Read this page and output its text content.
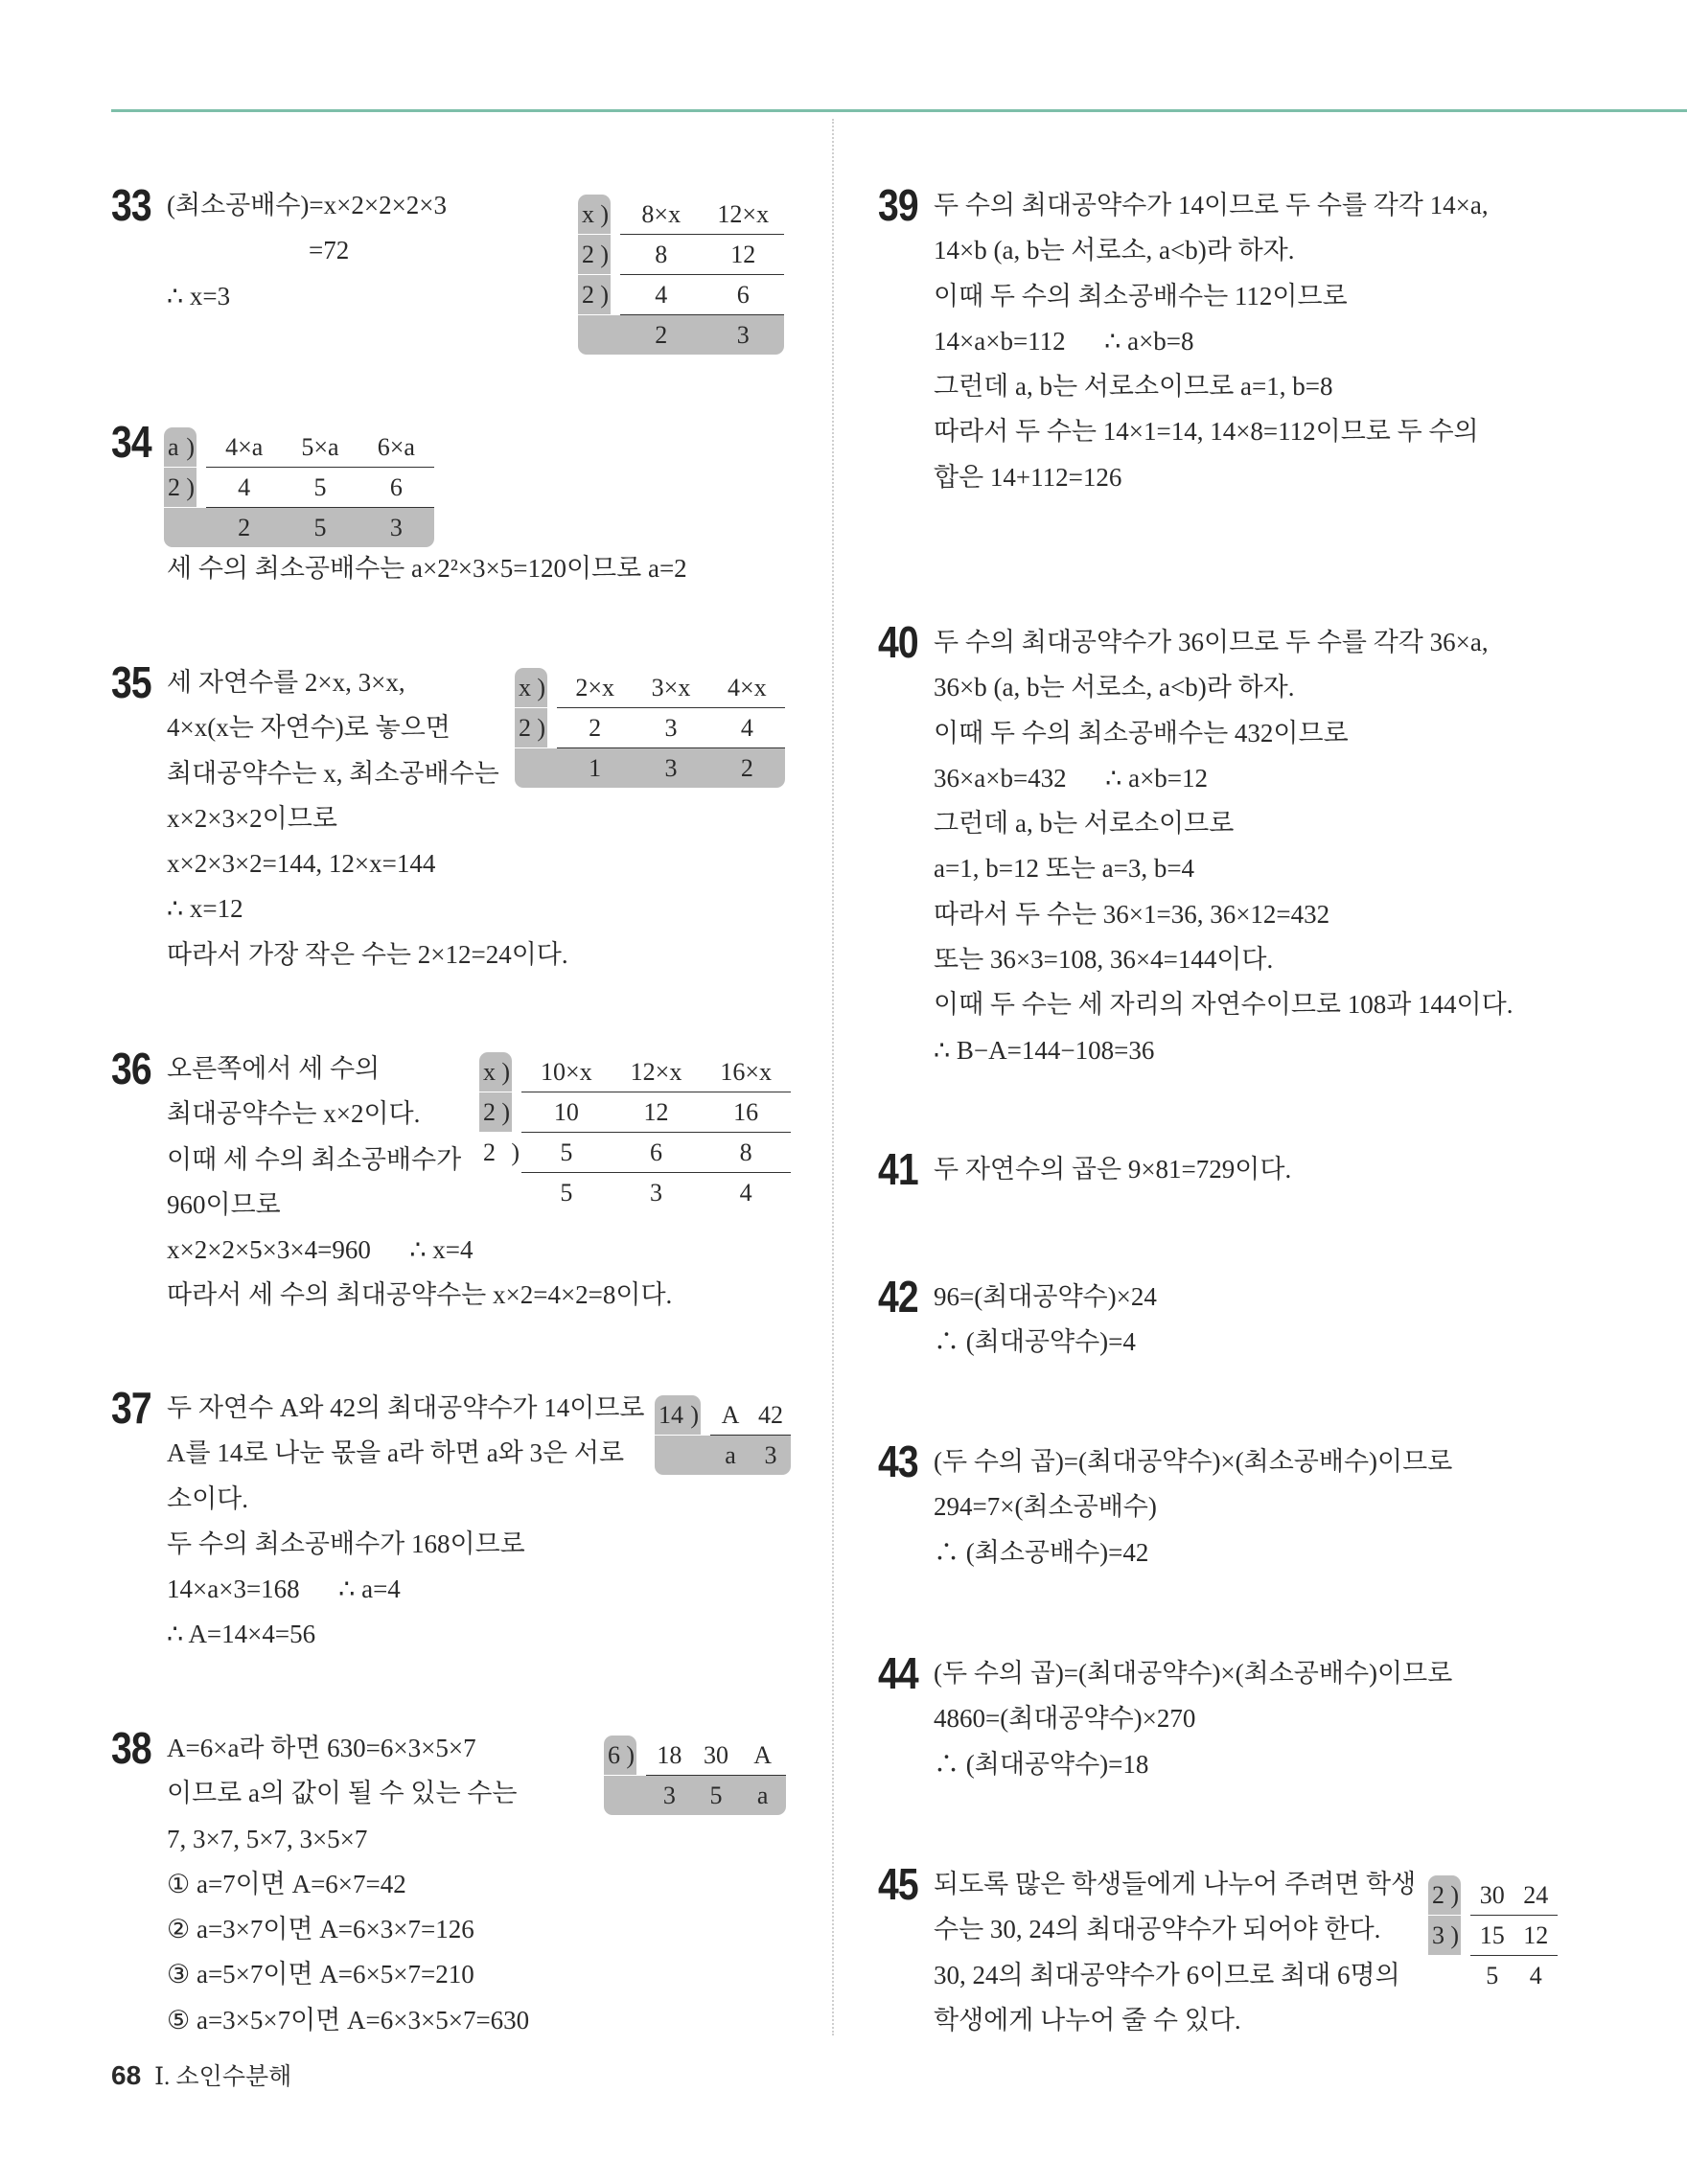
33 (최소공배수)=x×2×2×2×3
=72
∴ x=3
34
세 수의 최소공배수는 a×2²×3×5=120이므로 a=2
35 세 자연수를 2×x, 3×x,
4×x(x는 자연수)로 놓으면
최대공약수는 x, 최소공배수는
x×2×3×2이므로
x×2×3×2=144, 12×x=144
∴ x=12
따라서 가장 작은 수는 2×12=24이다.
36 오른쪽에서 세 수의
최대공약수는 x×2이다.
이때 세 수의 최소공배수가
960이므로
x×2×2×5×3×4=960      ∴ x=4
따라서 세 수의 최대공약수는 x×2=4×2=8이다.
37 두 자연수 A와 42의 최대공약수가 14이므로
A를 14로 나눈 몫을 a라 하면 a와 3은 서로
소이다.
두 수의 최소공배수가 168이므로
14×a×3=168      ∴ a=4
∴ A=14×4=56
38 A=6×a라 하면 630=6×3×5×7
이므로 a의 값이 될 수 있는 수는
7, 3×7, 5×7, 3×5×7
① a=7이면 A=6×7=42
② a=3×7이면 A=6×3×7=126
③ a=5×7이면 A=6×5×7=210
⑤ a=3×5×7이면 A=6×3×5×7=630
39 두 수의 최대공약수가 14이므로 두 수를 각각 14×a,
14×b (a, b는 서로소, a<b)라 하자.
이때 두 수의 최소공배수는 112이므로
14×a×b=112      ∴ a×b=8
그런데 a, b는 서로소이므로 a=1, b=8
따라서 두 수는 14×1=14, 14×8=112이므로 두 수의
합은 14+112=126
40 두 수의 최대공약수가 36이므로 두 수를 각각 36×a,
36×b (a, b는 서로소, a<b)라 하자.
이때 두 수의 최소공배수는 432이므로
36×a×b=432      ∴ a×b=12
그런데 a, b는 서로소이므로
a=1, b=12 또는 a=3, b=4
따라서 두 수는 36×1=36, 36×12=432
또는 36×3=108, 36×4=144이다.
이때 두 수는 세 자리의 자연수이므로 108과 144이다.
∴ B−A=144−108=36
41 두 자연수의 곱은 9×81=729이다.
42 96=(최대공약수)×24
∴ (최대공약수)=4
43 (두 수의 곱)=(최대공약수)×(최소공배수)이므로
294=7×(최소공배수)
∴ (최소공배수)=42
44 (두 수의 곱)=(최대공약수)×(최소공배수)이므로
4860=(최대공약수)×270
∴ (최대공약수)=18
45 되도록 많은 학생들에게 나누어 주려면 학생
수는 30, 24의 최대공약수가 되어야 한다.
30, 24의 최대공약수가 6이므로 최대 6명의
학생에게 나누어 줄 수 있다.
x )	8×x	12×x
2 )	8	12
2 )	4	6
2	3
a )	4×a	5×a	6×a
2 )	4	5	6
2	5	3
x )	2×x	3×x	4×x
2 )	2	3	4
1	3	2
x )	10×x	12×x	16×x
2 )	10	12	16
2 )	5	6	8
5	3	4
14 ) A 42
a	3
6 ) 18 30	A
3	5	a
2 ) 30 24
3 ) 15 12
5	4
68 Ⅰ. 소인수분해
